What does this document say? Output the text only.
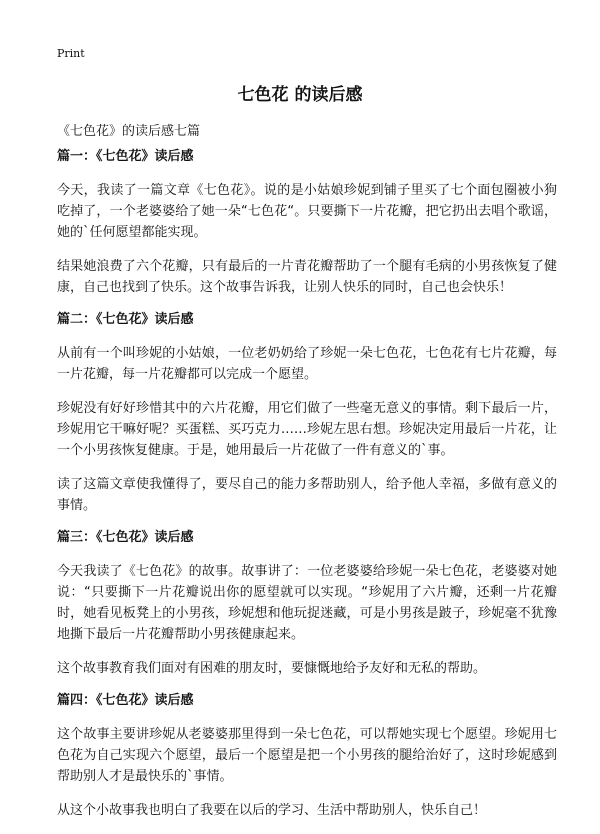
Print
七色花 的读后感
《七色花》的读后感七篇
篇一：《七色花》读后感

今天，我读了一篇文章《七色花》。说的是小姑娘珍妮到铺子里买了七个面包圈被小狗吃掉了，一个老婆婆给了她一朵“七色花“。只要撕下一片花瓣，把它扔出去唱个歌谣，她的`任何愿望都能实现。

结果她浪费了六个花瓣，只有最后的一片青花瓣帮助了一个腿有毛病的小男孩恢复了健康，自己也找到了快乐。这个故事告诉我，让别人快乐的同时，自己也会快乐！

篇二：《七色花》读后感

从前有一个叫珍妮的小姑娘，一位老奶奶给了珍妮一朵七色花，七色花有七片花瓣，每一片花瓣，每一片花瓣都可以完成一个愿望。

珍妮没有好好珍惜其中的六片花瓣，用它们做了一些毫无意义的事情。剩下最后一片，珍妮用它干嘛好呢？买蛋糕、买巧克力……珍妮左思右想。珍妮决定用最后一片花，让一个小男孩恢复健康。于是，她用最后一片花做了一件有意义的`事。

读了这篇文章使我懂得了，要尽自己的能力多帮助别人，给予他人幸福，多做有意义的事情。

篇三：《七色花》读后感

今天我读了《七色花》的故事。故事讲了：一位老婆婆给珍妮一朵七色花，老婆婆对她说：“只要撕下一片花瓣说出你的愿望就可以实现。“珍妮用了六片瓣，还剩一片花瓣时，她看见板凳上的小男孩，珍妮想和他玩捉迷藏，可是小男孩是跛子，珍妮毫不犹豫地撕下最后一片花瓣帮助小男孩健康起来。

这个故事教育我们面对有困难的朋友时，要慷慨地给予友好和无私的帮助。

篇四：《七色花》读后感

这个故事主要讲珍妮从老婆婆那里得到一朵七色花，可以帮她实现七个愿望。珍妮用七色花为自己实现六个愿望，最后一个愿望是把一个小男孩的腿给治好了，这时珍妮感到帮助别人才是最快乐的`事情。

从这个小故事我也明白了我要在以后的学习、生活中帮助别人，快乐自己！
